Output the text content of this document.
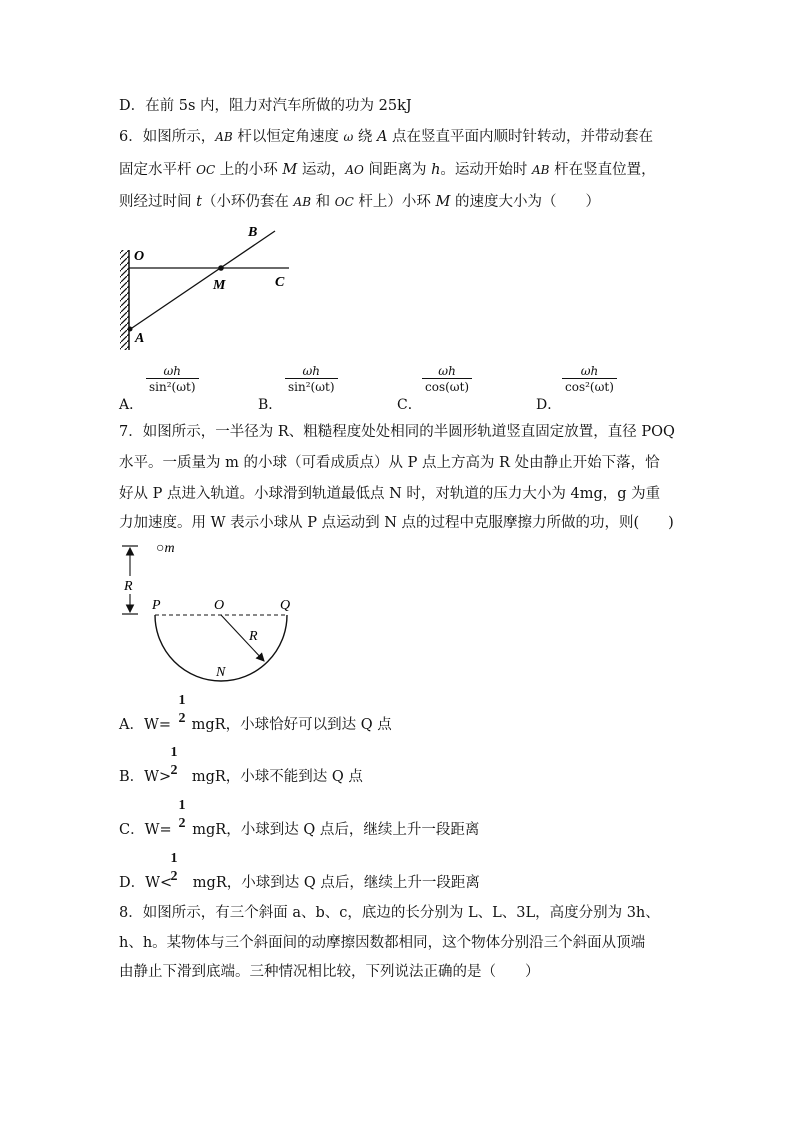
D．在前 5s 内，阻力对汽车所做的功为 25kJ
6．如图所示，AB 杆以恒定角速度 ω 绕 A 点在竖直平面内顺时针转动，并带动套在
固定水平杆 OC 上的小环 M 运动，AO 间距离为 h。运动开始时 AB 杆在竖直位置，
则经过时间 t（小环仍套在 AB 和 OC 杆上）小环 M 的速度大小为（　　）
O
B
M	C
A
A．
ωh
sin²(ωt)
B．
ωh
sin²(ωt)
C．
ωh
cos(ωt)
D．
ωh
cos²(ωt)
7．如图所示，一半径为 R、粗糙程度处处相同的半圆形轨道竖直固定放置，直径 POQ
水平。一质量为 m 的小球（可看成质点）从 P 点上方高为 R 处由静止开始下落，恰
好从 P 点进入轨道。小球滑到轨道最低点 N 时，对轨道的压力大小为 4mg，g 为重
力加速度。用 W 表示小球从 P 点运动到 N 点的过程中克服摩擦力所做的功，则(　　)
R
○m
P	O	Q
R
N
1
2
A．W= mgR，小球恰好可以到达 Q 点
1
2
B．W> mgR，小球不能到达 Q 点
1
2
C．W= mgR，小球到达 Q 点后，继续上升一段距离
1
2
D．W< mgR，小球到达 Q 点后，继续上升一段距离
8．如图所示，有三个斜面 a、b、c，底边的长分别为 L、L、3L，高度分别为 3h、
h、h。某物体与三个斜面间的动摩擦因数都相同，这个物体分别沿三个斜面从顶端
由静止下滑到底端。三种情况相比较，下列说法正确的是（　　）
